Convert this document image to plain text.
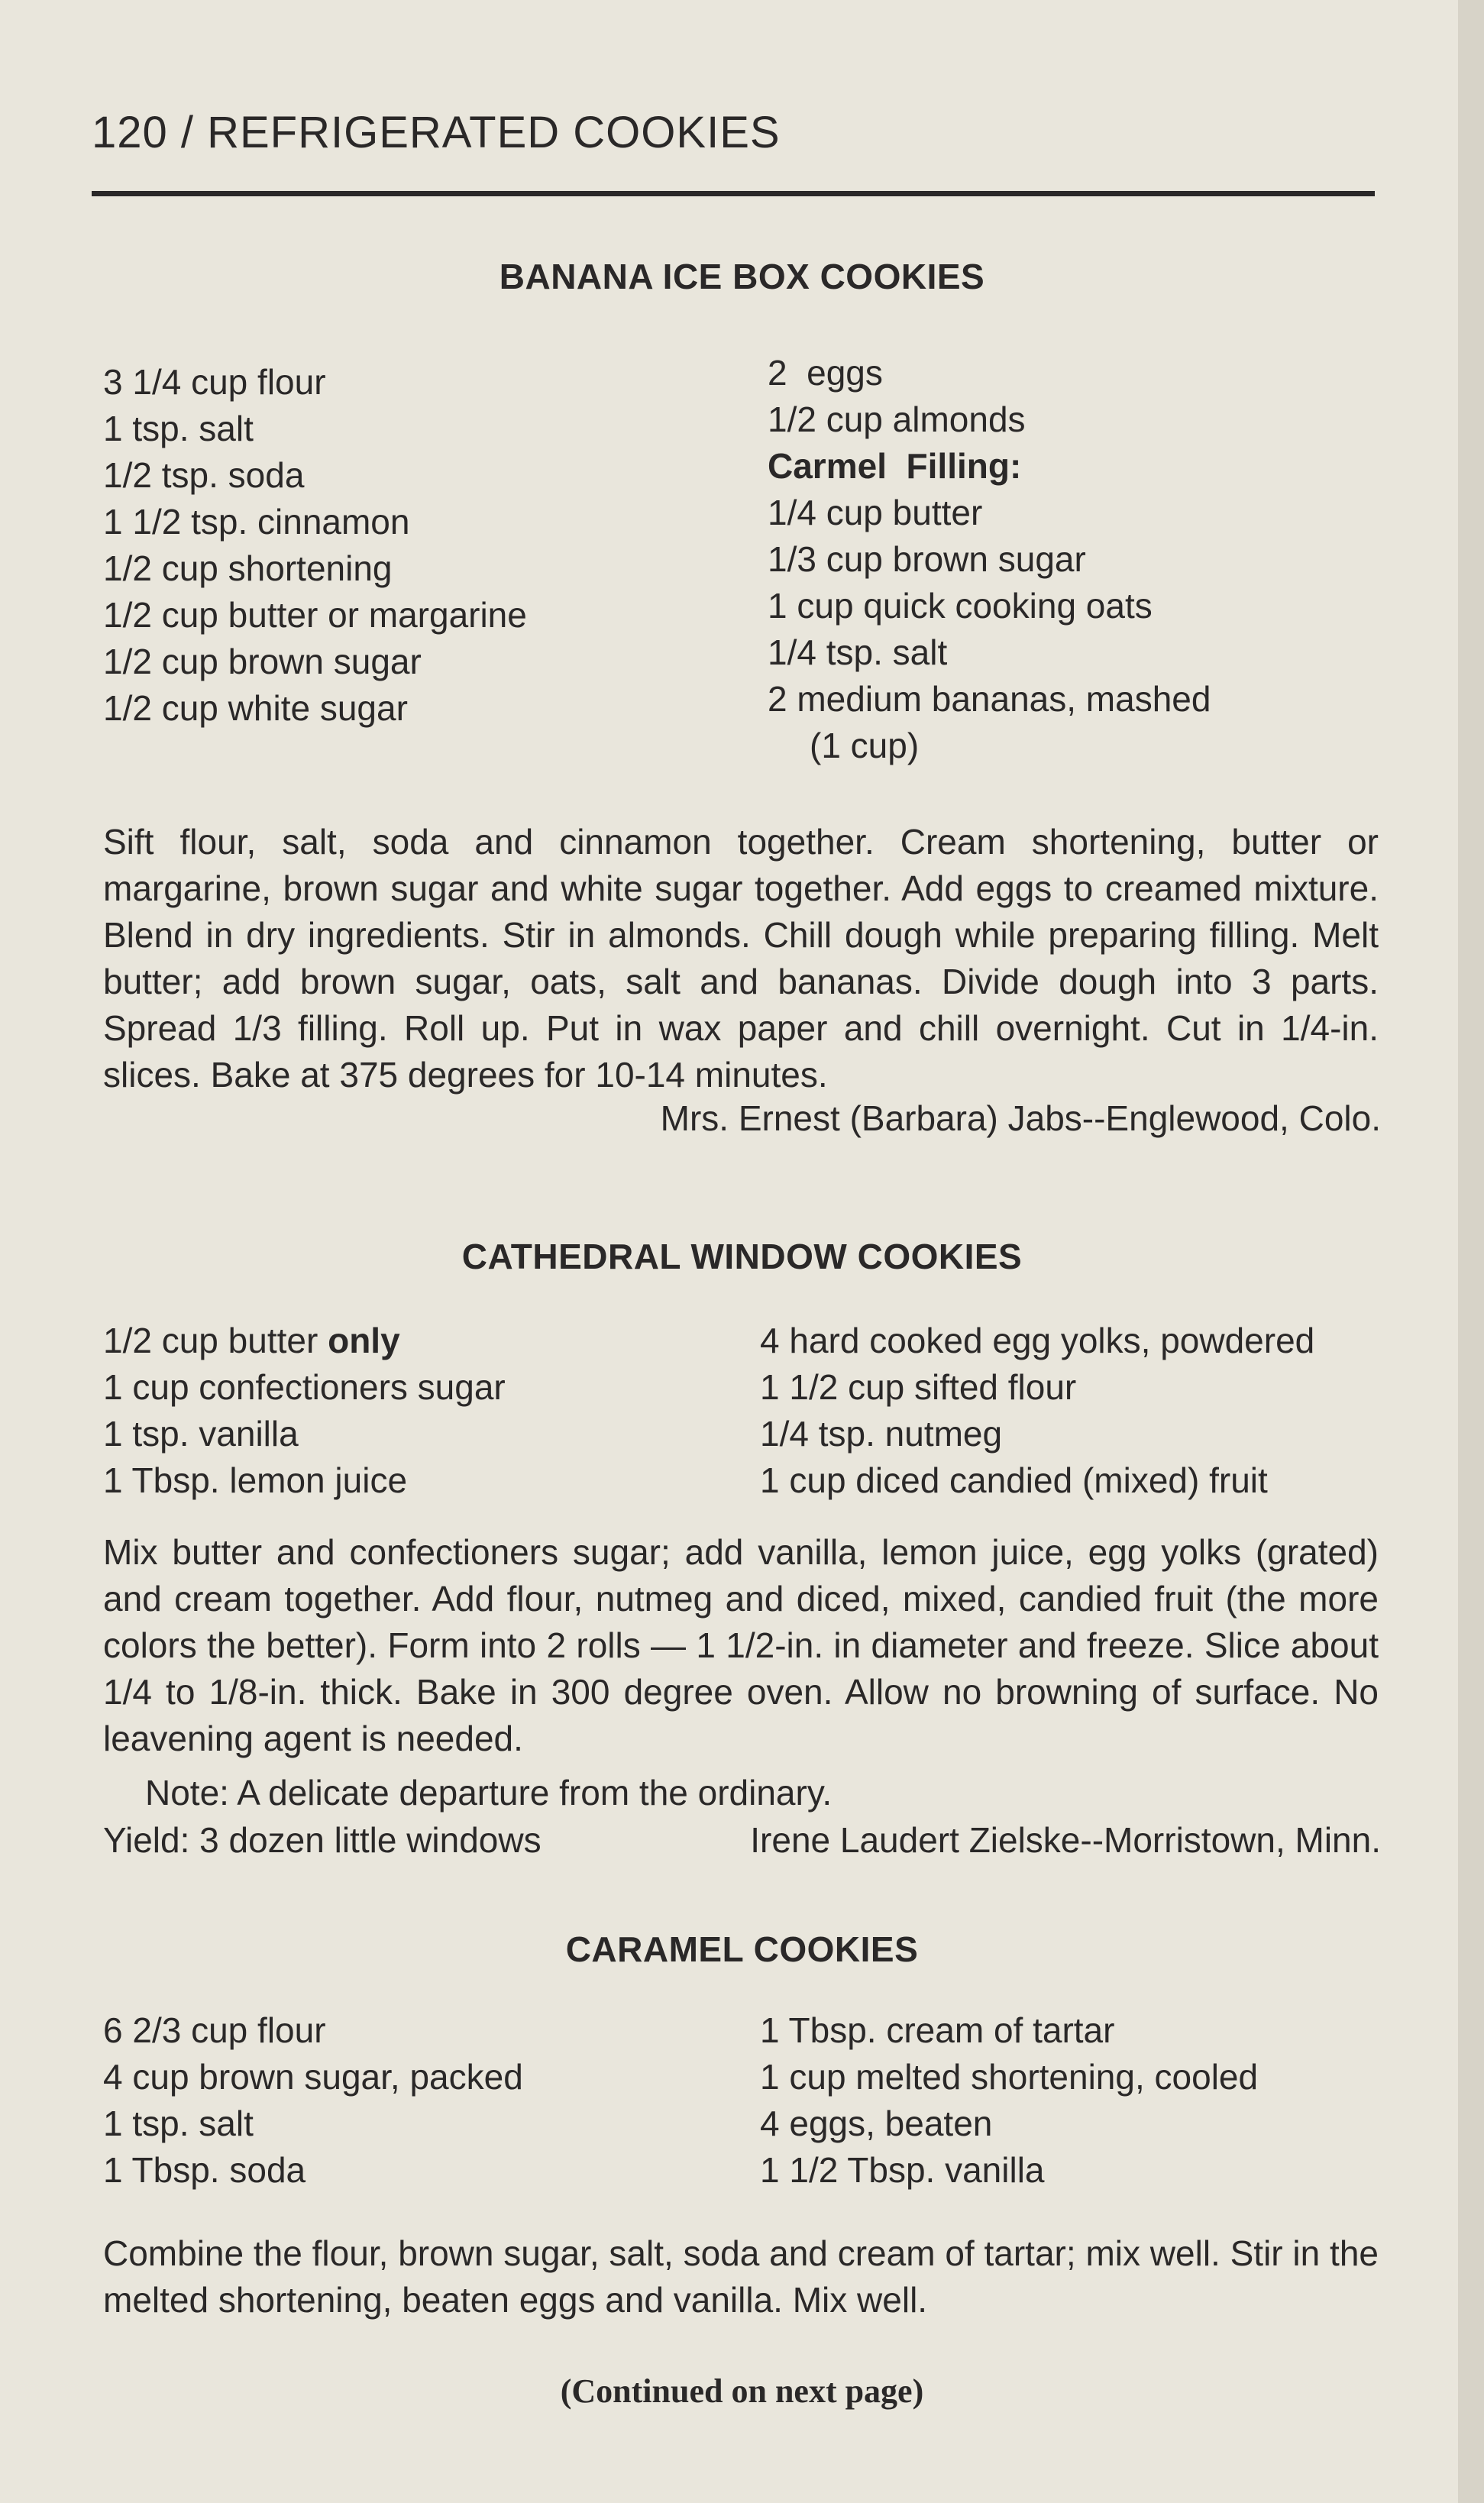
120 / REFRIGERATED COOKIES
BANANA ICE BOX COOKIES
3 1/4 cup flour
1 tsp. salt
1/2 tsp. soda
1 1/2 tsp. cinnamon
1/2 cup shortening
1/2 cup butter or margarine
1/2 cup brown sugar
1/2 cup white sugar
2  eggs
1/2 cup almonds
Carmel  Filling:
1/4 cup butter
1/3 cup brown sugar
1 cup quick cooking oats
1/4 tsp. salt
2 medium bananas, mashed
(1 cup)
Sift flour, salt, soda and cinnamon together. Cream shortening, butter or margarine, brown sugar and white sugar together. Add eggs to creamed mixture. Blend in dry ingredients. Stir in almonds. Chill dough while preparing filling. Melt butter; add brown sugar, oats, salt and bananas. Divide dough into 3 parts. Spread 1/3 filling. Roll up. Put in wax paper and chill overnight. Cut in 1/4-in. slices. Bake at 375 degrees for 10-14 minutes.
Mrs. Ernest (Barbara) Jabs--Englewood, Colo.
CATHEDRAL WINDOW COOKIES
1/2 cup butter only
1 cup confectioners sugar
1 tsp. vanilla
1 Tbsp. lemon juice
4 hard cooked egg yolks, powdered
1 1/2 cup sifted flour
1/4 tsp. nutmeg
1 cup diced candied (mixed) fruit
Mix butter and confectioners sugar; add vanilla, lemon juice, egg yolks (grated) and cream together. Add flour, nutmeg and diced, mixed, candied fruit (the more colors the better). Form into 2 rolls — 1 1/2-in. in diameter and freeze. Slice about 1/4 to 1/8-in. thick. Bake in 300 degree oven. Allow no browning of surface. No leavening agent is needed.
Note: A delicate departure from the ordinary.
Yield: 3 dozen little windows	Irene Laudert Zielske--Morristown, Minn.
CARAMEL COOKIES
6 2/3 cup flour
4 cup brown sugar, packed
1 tsp. salt
1 Tbsp. soda
1 Tbsp. cream of tartar
1 cup melted shortening, cooled
4 eggs, beaten
1 1/2 Tbsp. vanilla
Combine the flour, brown sugar, salt, soda and cream of tartar; mix well. Stir in the melted shortening, beaten eggs and vanilla. Mix well.
(Continued on next page)
